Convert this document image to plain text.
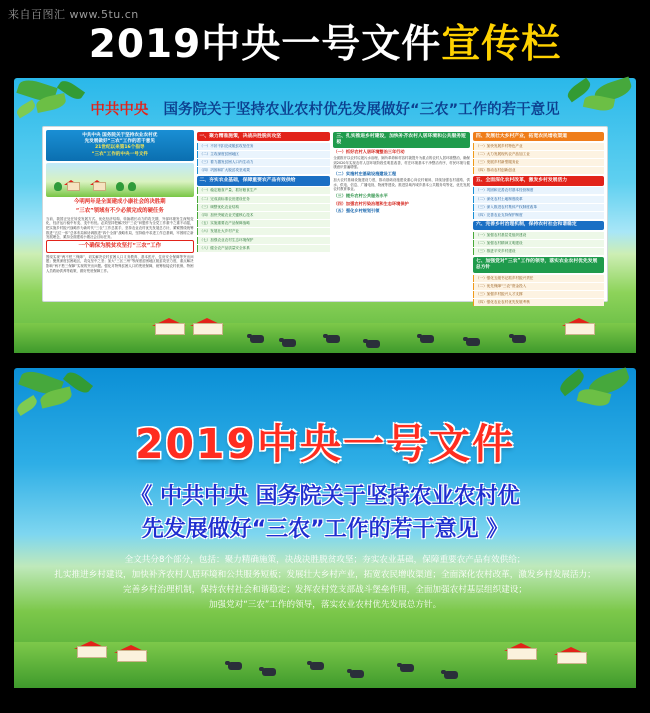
来自百图汇 www.5tu.cn
2019中央一号文件宣传栏
中共中央 国务院关于坚持农业农村优先发展做好“三农”工作的若干意见
中共中央 国务院关于坚持农业农村优
先发展做好“三农”工作的若干意见
21世纪以来第16个指导
“三农”工作的中央一号文件
今明两年是全面建成小康社会的决胜期
“三农”领域有不少必须完成的硬任务
当前，我国正处在转变发展方式、优化经济结构、转换增长动力的攻关期，外部环境发生深刻变化，经济运行稳中有变、变中有忧。必须坚持把解决好“三农”问题作为全党工作重中之重不动摇，把实施乡村振兴战略作为新时代“三农”工作总抓手，坚持农业农村优先发展总方针，紧紧围绕统筹推进“五位一体”总体布局和协调推进“四个全面”战略布局，坚持稳中求进工作总基调，牢固树立新发展理念，紧扣全面建成小康社会目标任务。
一个确保为脱贫攻坚打“三农”工作
围绕实现“两不愁三保障”，切实解决农村贫困人口义务教育、基本医疗、住房安全保障等突出问题；聚焦深度贫困地区，攻克坚中之坚；加大“三区三州”等深度贫困地区脱贫攻坚力度，重点解决影响“两不愁三保障”实现的突出问题。强化对特殊贫困人口的兜底保障，统筹衔接农村低保、特困人员救助供养等政策，做好兜底保障工作。
一、聚力精准施策，决战决胜脱贫攻坚
（一）不折不扣完成脱贫攻坚任务
（二）主攻深度贫困地区
（三）着力激发贫困人口内生动力
（四）巩固和扩大脱贫攻坚成果
二、夯实农业基础，保障重要农产品有效供给
（一）稳定粮食产量，抓好粮食生产
（二）完成高标准农田建设任务
（三）调整优化农业结构
（四）加快突破农业关键核心技术
（五）实施重要农产品保障战略
（六）发展壮大乡村产业
（七）加强农业农村生态环境保护
（八）健全农产品质量安全体系
三、扎实推进乡村建设，加快补齐农村人居环境和公共服务短板
（一）抓好农村人居环境整治三年行动
全面推开以农村垃圾污水治理、厕所革命和村容村貌提升为重点的农村人居环境整治，确保到2020年实现农村人居环境阶段性明显改善，村庄环境基本干净整洁有序，村民环境与健康意识普遍增强。
（二）实施村庄基础设施建设工程
加大农村基础设施建设力度，推动基础设施建设重心向农村倾斜，持续加强农村道路、供水、供电、信息、广播电视、物流等建设。推进县域内城乡基本公共服务均等化，优先发展农村教育事业。
（三）提升农村公共服务水平
（四）加强农村污染治理和生态环境保护
（五）强化乡村规划引领
四、发展壮大乡村产业，拓宽农民增收渠道
（一）加快发展乡村特色产业
（二）大力发展现代农产品加工业
（三）发展乡村新型服务业
（四）推动农村创新创业
五、全面深化农村改革，激发乡村发展活力
（一）巩固和完善农村基本经营制度
（二）深化农村土地制度改革
（三）深入推进农村集体产权制度改革
（四）完善农业支持保护制度
六、完善乡村治理机制，保持农村社会和谐稳定
（一）加强农村基层党组织建设
（二）加强农村精神文明建设
（三）推进平安乡村建设
七、加强党对“三农”工作的领导，落实农业农村优先发展总方针
（一）强化五级书记抓乡村振兴责任
（二）优先保障“三农”资金投入
（三）加强乡村振兴人才支撑
（四）强化农业农村优先发展考核
2019中央一号文件
《 中共中央 国务院关于坚持农业农村优
先发展做好“三农”工作的若干意见 》
全文共分8个部分，包括：聚力精确施策，决战决胜脱贫攻坚；夯实农业基础，保障重要农产品有效供给；
扎实推进乡村建设，加快补齐农村人居环境和公共服务短板；发展壮大乡村产业，拓宽农民增收渠道；全面深化农村改革，激发乡村发展活力；
完善乡村治理机制，保持农村社会和谐稳定；发挥农村党支部战斗堡垒作用，全面加强农村基层组织建设；
加强党对“三农”工作的领导，落实农业农村优先发展总方针。
